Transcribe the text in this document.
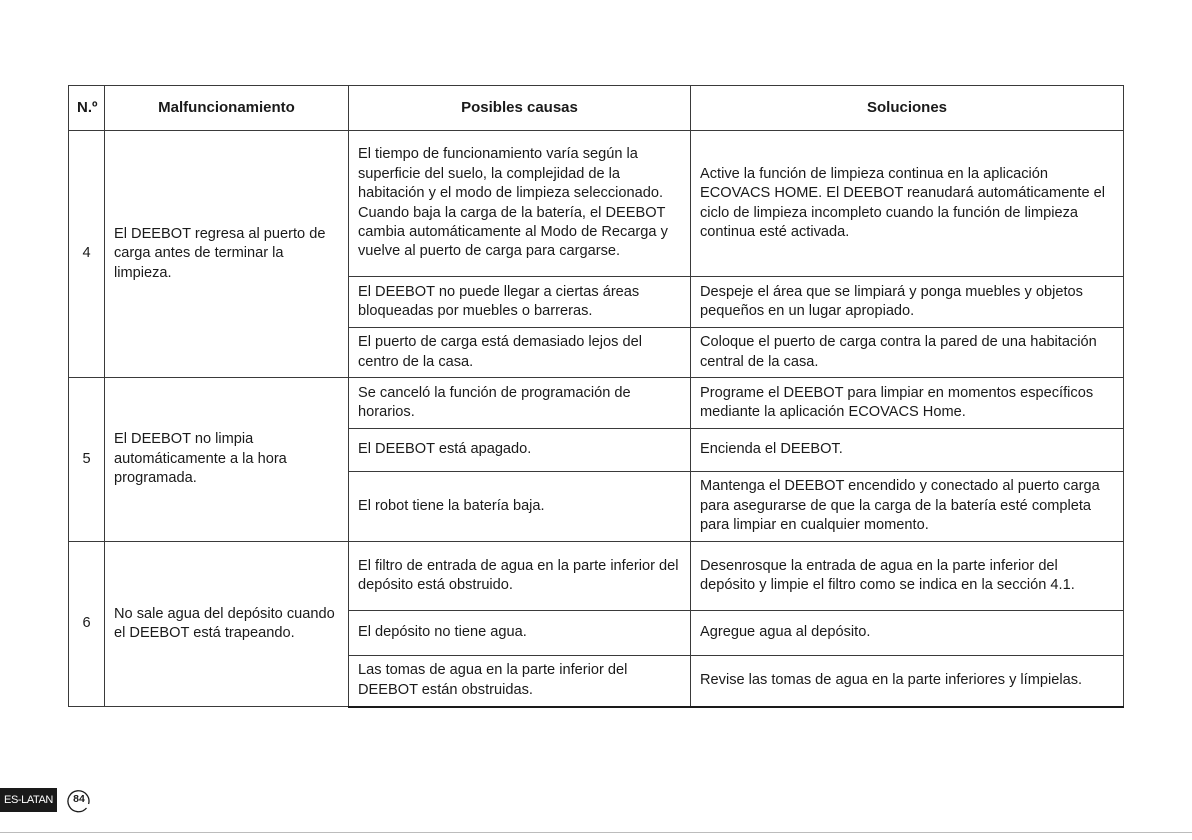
N.º	Malfuncionamiento	Posibles causas	Soluciones
4	El DEEBOT regresa al puerto de carga antes de terminar la limpieza.	El tiempo de funcionamiento varía según la superficie del suelo, la complejidad de la habitación y el modo de limpieza seleccionado. Cuando baja la carga de la batería, el DEEBOT cambia automáticamente al Modo de Recarga y vuelve al puerto de carga para cargarse.	Active la función de limpieza continua en la aplicación ECOVACS HOME. El DEEBOT reanudará automáticamente el ciclo de limpieza incompleto cuando la función de limpieza continua esté activada.
		El DEEBOT no puede llegar a ciertas áreas bloqueadas por muebles o barreras.	Despeje el área que se limpiará y ponga muebles y objetos pequeños en un lugar apropiado.
		El puerto de carga está demasiado lejos del centro de la casa.	Coloque el puerto de carga contra la pared de una habitación central de la casa.
5	El DEEBOT no limpia automáticamente a la hora programada.	Se canceló la función de programación de horarios.	Programe el DEEBOT para limpiar en momentos específicos mediante la aplicación ECOVACS Home.
		El DEEBOT está apagado.	Encienda el DEEBOT.
		El robot tiene la batería baja.	Mantenga el DEEBOT encendido y conectado al puerto carga para asegurarse de que la carga de la batería esté completa para limpiar en cualquier momento.
6	No sale agua del depósito cuando el DEEBOT está trapeando.	El filtro de entrada de agua en la parte inferior del depósito está obstruido.	Desenrosque la entrada de agua en la parte inferior del depósito y limpie el filtro como se indica en la sección 4.1.
		El depósito no tiene agua.	Agregue agua al depósito.
		Las tomas de agua en la parte inferior del DEEBOT están obstruidas.	Revise las tomas de agua en la parte inferiores y límpielas.
ES-LATAN	84
